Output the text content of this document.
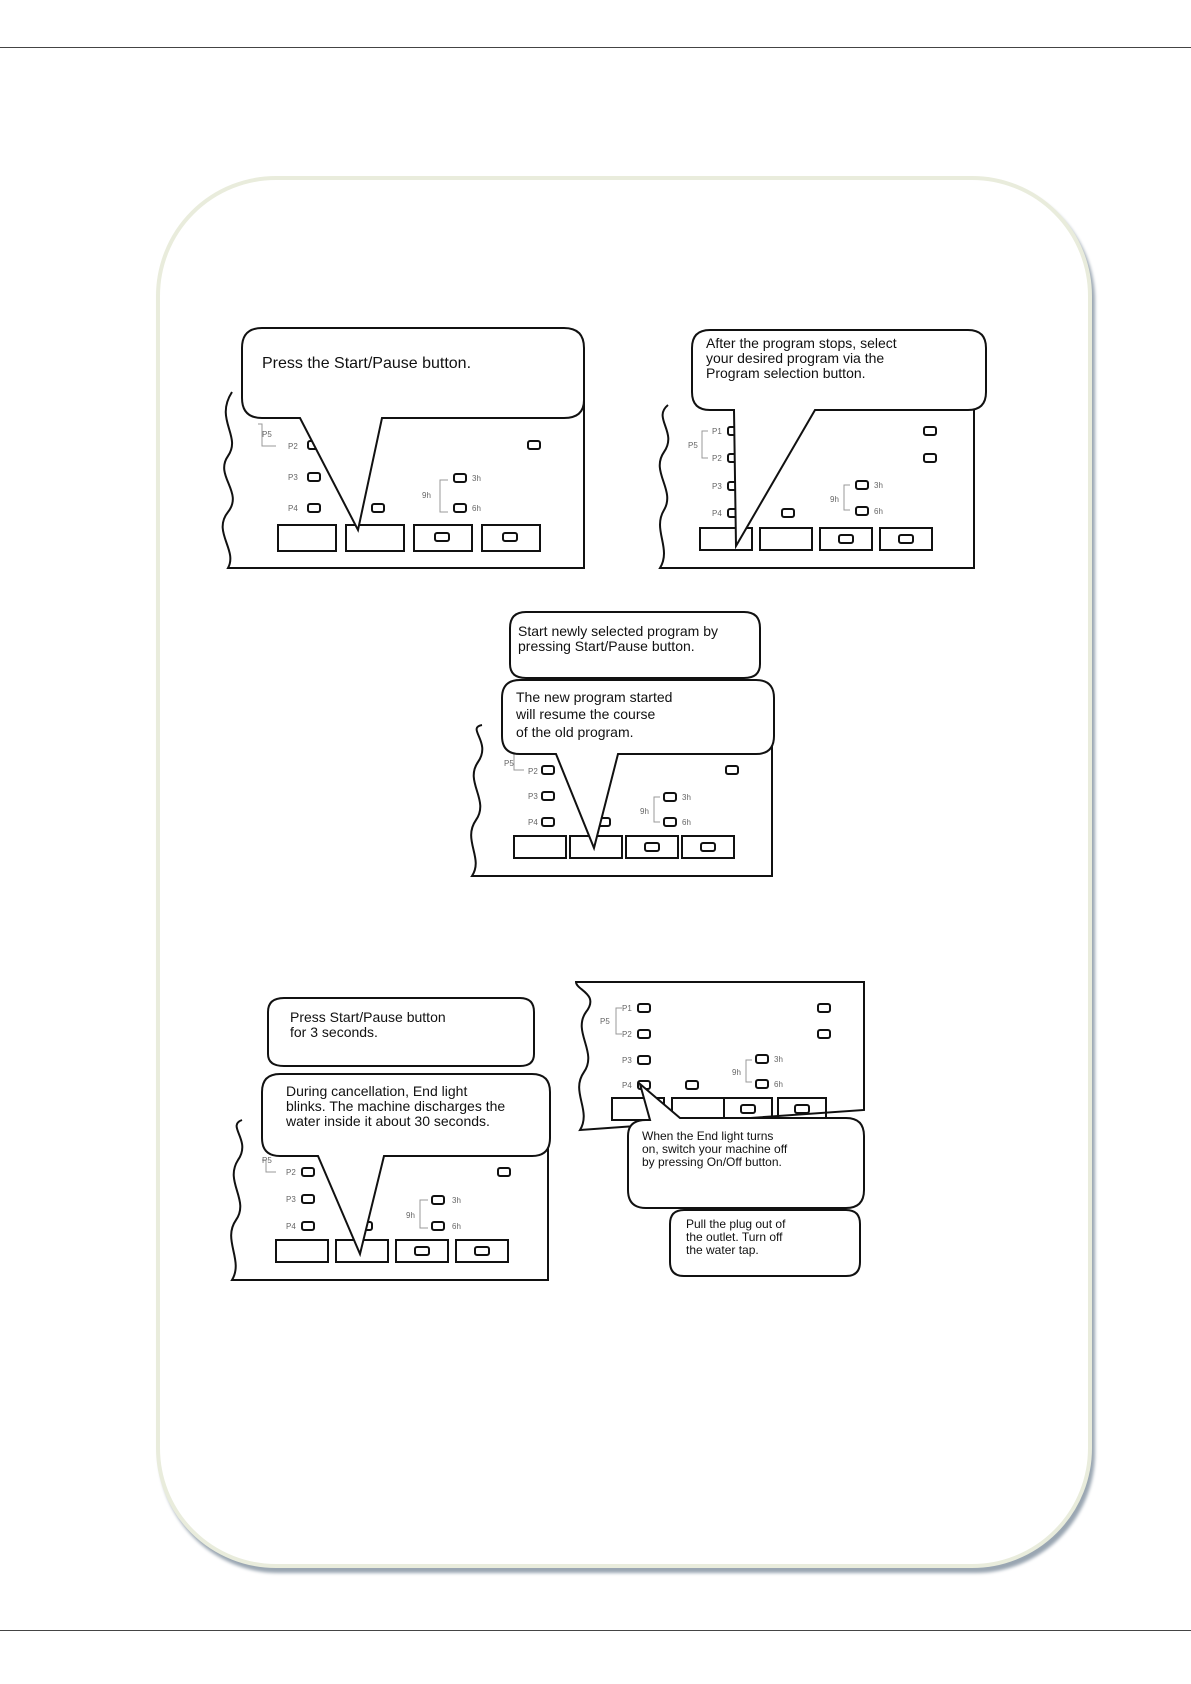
Press the Start/Pause button.
P5
P2
P3
P4
9h
3h
6h
After the program stops, select
your desired program via the
Program selection button.
P1
P5
P2
P3
P4
9h
3h
6h
Start newly selected program by
pressing Start/Pause button.
The new program started
will resume the course
of the old program.
P5
P2
P3
P4
9h
3h
6h
Press Start/Pause button
for 3 seconds.
During cancellation, End light
blinks. The machine discharges the
water inside it about 30 seconds.
P5
P2
P3
P4
9h
3h
6h
P1
P5
P2
P3
P4
9h
3h
6h
When the End light turns
on, switch your machine off
by pressing On/Off button.
Pull the plug out of
the outlet. Turn off
the water tap.
